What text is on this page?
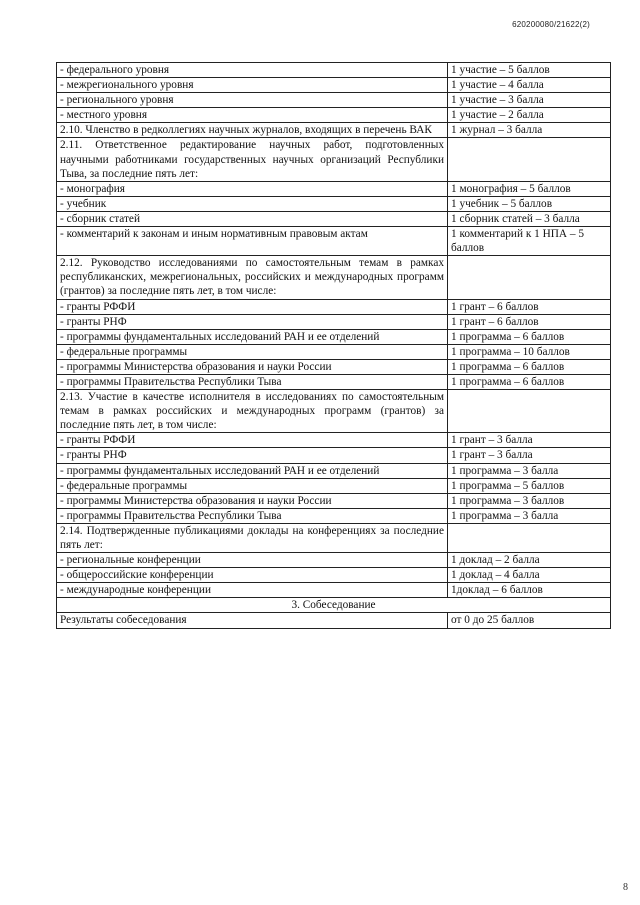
620200080/21622(2)
- федерального уровня	1 участие – 5 баллов
- межрегионального уровня	1 участие – 4 балла
- регионального уровня	1 участие – 3 балла
- местного уровня	1 участие – 2 балла
2.10. Членство в редколлегиях научных журналов, входящих в перечень ВАК	1 журнал – 3 балла
2.11. Ответственное редактирование научных работ, подготовленных научными работниками государственных научных организаций Республики Тыва, за последние пять лет:	
- монография	1 монография – 5 баллов
- учебник	1 учебник – 5 баллов
- сборник статей	1 сборник статей – 3 балла
- комментарий к законам и иным нормативным правовым актам	1 комментарий к 1 НПА – 5 баллов
2.12. Руководство исследованиями по самостоятельным темам в рамках республиканских, межрегиональных, российских и международных программ (грантов) за последние пять лет, в том числе:	
- гранты РФФИ	1 грант – 6 баллов
- гранты РНФ	1 грант – 6 баллов
- программы фундаментальных исследований РАН и ее отделений	1 программа – 6 баллов
- федеральные программы	1 программа – 10 баллов
- программы Министерства образования и науки России	1 программа – 6 баллов
- программы Правительства Республики Тыва	1 программа – 6 баллов
2.13. Участие в качестве исполнителя в исследованиях по самостоятельным темам в рамках российских и международных программ (грантов) за последние пять лет, в том числе:	
- гранты РФФИ	1 грант – 3 балла
- гранты РНФ	1 грант – 3 балла
- программы фундаментальных исследований РАН и ее отделений	1 программа – 3 балла
- федеральные программы	1 программа – 5 баллов
- программы Министерства образования и науки России	1 программа – 3 баллов
- программы Правительства Республики Тыва	1 программа – 3 балла
2.14. Подтвержденные публикациями доклады на конференциях за последние пять лет:	
- региональные конференции	1 доклад – 2 балла
- общероссийские конференции	1 доклад – 4 балла
- международные конференции	1доклад – 6 баллов
3. Собеседование	
Результаты собеседования	от 0 до 25 баллов
8
